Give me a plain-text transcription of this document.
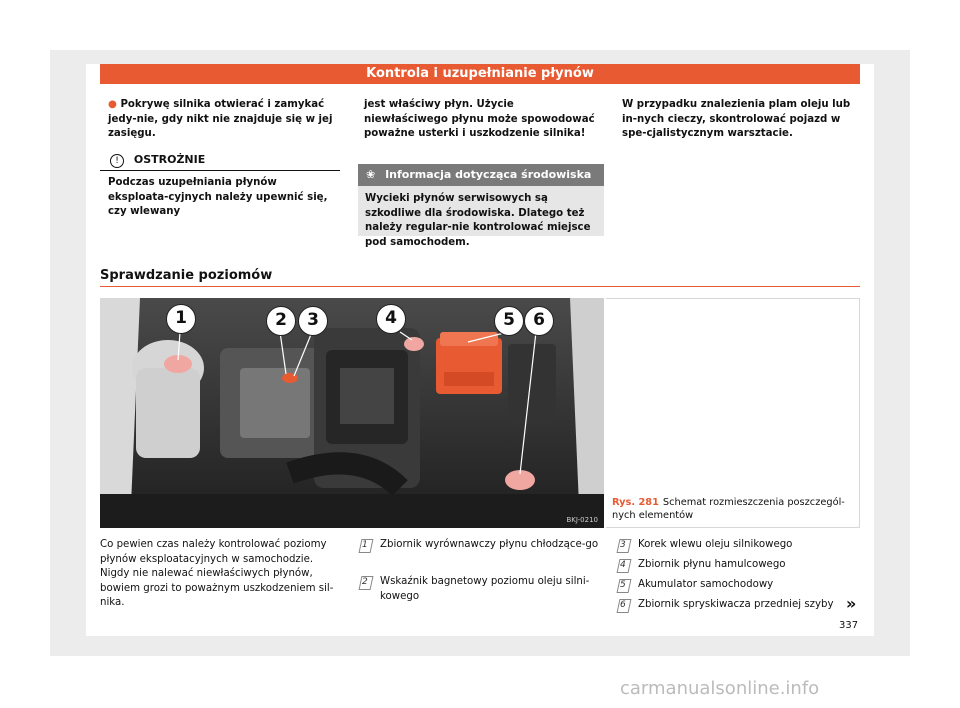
Kontrola i uzupełnianie płynów
● Pokrywę silnika otwierać i zamykać jedy-nie, gdy nikt nie znajduje się w jej zasięgu.
! OSTROŻNIE
Podczas uzupełniania płynów eksploata-cyjnych należy upewnić się, czy wlewany
jest właściwy płyn. Użycie niewłaściwego płynu może spowodować poważne usterki i uszkodzenie silnika!
❀ Informacja dotycząca środowiska
Wycieki płynów serwisowych są szkodliwe dla środowiska. Dlatego też należy regular-nie kontrolować miejsce pod samochodem.
W przypadku znalezienia plam oleju lub in-nych cieczy, skontrolować pojazd w spe-cjalistycznym warsztacie.
Sprawdzanie poziomów
1	2	3	4	5	6
BKJ-0210
Rys. 281 Schemat rozmieszczenia poszczegól-nych elementów
Co pewien czas należy kontrolować poziomy płynów eksploatacyjnych w samochodzie. Nigdy nie nalewać niewłaściwych płynów, bowiem grozi to poważnym uszkodzeniem sil-nika.
1 Zbiornik wyrównawczy płynu chłodzące-go
2 Wskaźnik bagnetowy poziomu oleju silni-kowego
3 Korek wlewu oleju silnikowego
4 Zbiornik płynu hamulcowego
5 Akumulator samochodowy
6 Zbiornik spryskiwacza przedniej szyby »
337
carmanualsonline.info
